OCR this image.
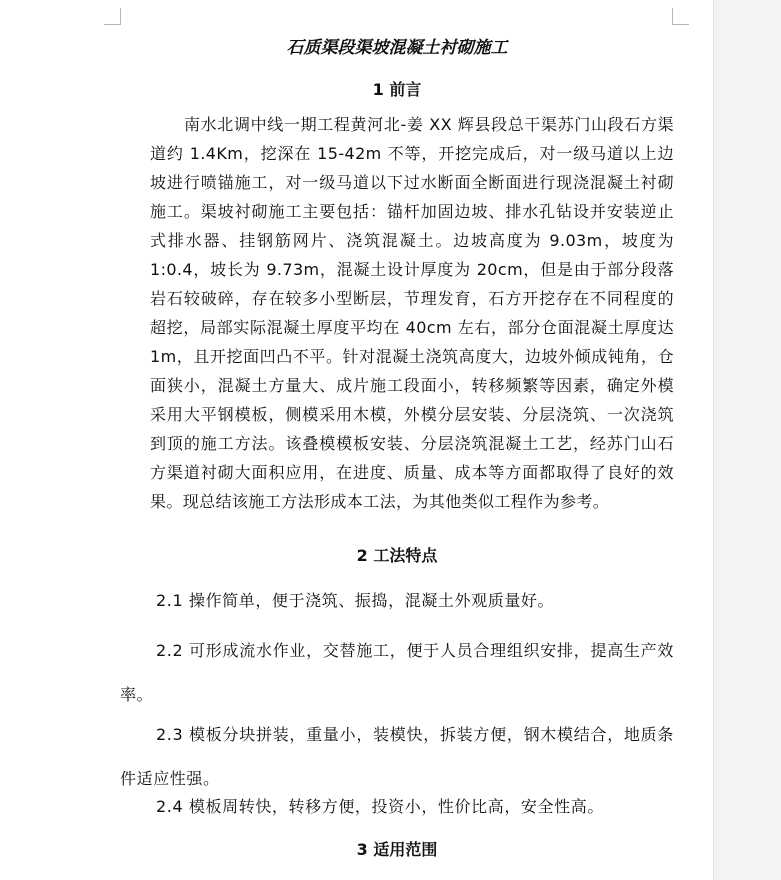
石质渠段渠坡混凝土衬砌施工
1 前言
南水北调中线一期工程黄河北-姜 XX 辉县段总干渠苏门山段石方渠道约 1.4Km，挖深在 15-42m 不等，开挖完成后，对一级马道以上边坡进行喷锚施工，对一级马道以下过水断面全断面进行现浇混凝土衬砌施工。渠坡衬砌施工主要包括：锚杆加固边坡、排水孔钻设并安装逆止式排水器、挂钢筋网片、浇筑混凝土。边坡高度为 9.03m，坡度为 1:0.4，坡长为 9.73m，混凝土设计厚度为 20cm，但是由于部分段落岩石较破碎，存在较多小型断层，节理发育，石方开挖存在不同程度的超挖，局部实际混凝土厚度平均在 40cm 左右，部分仓面混凝土厚度达 1m，且开挖面凹凸不平。针对混凝土浇筑高度大，边坡外倾成钝角，仓面狭小，混凝土方量大、成片施工段面小，转移频繁等因素，确定外模采用大平钢模板，侧模采用木模，外模分层安装、分层浇筑、一次浇筑到顶的施工方法。该叠模模板安装、分层浇筑混凝土工艺，经苏门山石方渠道衬砌大面积应用，在进度、质量、成本等方面都取得了良好的效果。现总结该施工方法形成本工法，为其他类似工程作为参考。
2 工法特点
2.1 操作简单，便于浇筑、振捣，混凝土外观质量好。
2.2 可形成流水作业，交替施工，便于人员合理组织安排，提高生产效率。
2.3 模板分块拼装，重量小，装模快，拆装方便，钢木模结合，地质条件适应性强。
2.4 模板周转快，转移方便，投资小，性价比高，安全性高。
3 适用范围
